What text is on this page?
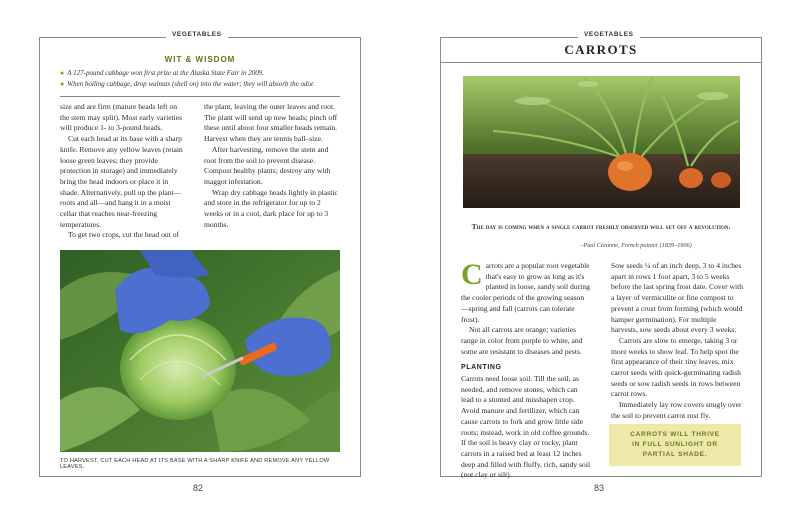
VEGETABLES
WIT & WISDOM
● A 127-pound cabbage won first prize at the Alaska State Fair in 2009.
● When boiling cabbage, drop walnuts (shell on) into the water; they will absorb the odor.

size and are firm (mature heads left on the stem may split). Most early varieties will produce 1- to 3-pound heads.

Cut each head at its base with a sharp knife. Remove any yellow leaves (retain loose green leaves; they provide protection in storage) and immediately bring the head indoors or place it in shade. Alternatively, pull up the plant—roots and all—and hang it in a moist cellar that reaches near-freezing temperatures.

To get two crops, cut the head out of

the plant, leaving the outer leaves and root. The plant will send up new heads; pinch off these until about four smaller heads remain. Harvest when they are tennis ball–size.

After harvesting, remove the stem and root from the soil to prevent disease. Compost healthy plants; destroy any with maggot infestation.

Wrap dry cabbage heads lightly in plastic and store in the refrigerator for up to 2 weeks or in a cool, dark place for up to 3 months.

TO HARVEST, CUT EACH HEAD AT ITS BASE WITH A SHARP KNIFE AND REMOVE ANY YELLOW LEAVES.
82
VEGETABLES
CARROTS
The day is coming when a single carrot freshly observed will set off a revolution.
–Paul Cézanne, French painter (1839–1906)

Carrots are a popular root vegetable that's easy to grow as long as it's planted in loose, sandy soil during the cooler periods of the growing season—spring and fall (carrots can tolerate frost).

Not all carrots are orange; varieties range in color from purple to white, and some are resistant to diseases and pests.

PLANTING

Carrots need loose soil. Till the soil, as needed, and remove stones, which can lead to a stunted and misshapen crop. Avoid manure and fertilizer, which can cause carrots to fork and grow little side roots; instead, work in old coffee grounds. If the soil is heavy clay or rocky, plant carrots in a raised bed at least 12 inches deep and filled with fluffy, rich, sandy soil (not clay or silt).

Sow seeds ¼ of an inch deep, 3 to 4 inches apart in rows 1 foot apart, 3 to 5 weeks before the last spring frost date. Cover with a layer of vermiculite or fine compost to prevent a crust from forming (which would hamper germination). For multiple harvests, sow seeds about every 3 weeks.

Carrots are slow to emerge, taking 3 or more weeks to show leaf. To help spot the first appearance of their tiny leaves, mix carrot seeds with quick-germinating radish seeds or sow radish seeds in rows between carrot rows.

Immediately lay row covers snugly over the soil to prevent carrot rust fly.

CARROTS WILL THRIVE IN FULL SUNLIGHT OR PARTIAL SHADE.
83
